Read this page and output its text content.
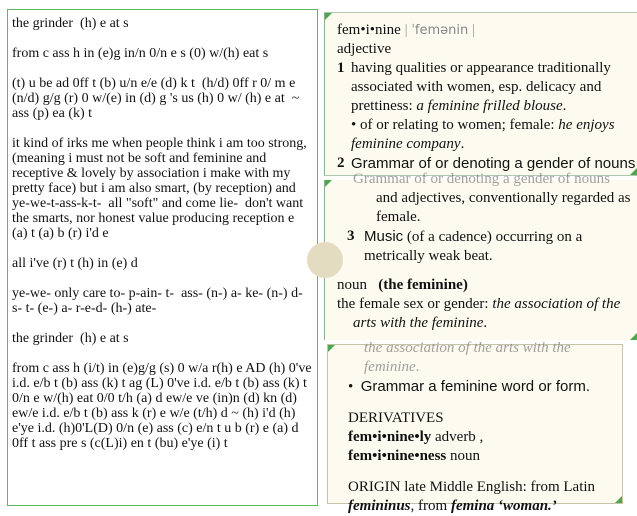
the grinder  (h) e at s

from c ass h in (e)g in/n 0/n e s (0) w/(h) eat s

(t) u be ad 0ff t (b) u/n e/e (d) k t  (h/d) 0ff r 0/ m e (n/d) g/g (r) 0 w/(e) in (d) g 's us (h) 0 w/ (h) e at  ~ ass (p) ea (k) t

it kind of irks me when people think i am too strong, (meaning i must not be soft and feminine and receptive & lovely by association i make with my pretty face) but i am also smart, (by reception) and ye-we-t-ass-k-t-  all "soft" and come lie-  don't want the smarts, nor honest value producing reception e (a) t (a) b (r) i'd e

all i've (r) t (h) in (e) d

ye-we- only care to- p-ain- t-  ass- (n-) a- ke- (n-) d- s- t- (e-) a- r-e-d- (h-) ate-

the grinder  (h) e at s

from c ass h (i/t) in (e)g/g (s) 0 w/a r(h) e AD (h) 0've i.d. e/b t (b) ass (k) t ag (L) 0've i.d. e/b t (b) ass (k) t 0/n e w/(h) eat 0/0 t/h (a) d ew/e ve (in)n (d) kn (d) ew/e i.d. e/b t (b) ass k (r) e w/e (t/h) d ~ (h) i'd (h) e'ye i.d. (h)0'L(D) 0/n (e) ass (c) e/n t u b (r) e (a) d 0ff t ass pre s (c(L)i) en t (bu) e'ye (i) t

fem•i•nine | ˈfemənin |
adjective
1 having qualities or appearance traditionally associated with women, esp. delicacy and prettiness: a feminine frilled blouse.
• of or relating to women; female: he enjoys feminine company.
2 Grammar of or denoting a gender of nouns
Grammar of or denoting a gender of nouns
and adjectives, conventionally regarded as female.
3 Music (of a cadence) occurring on a metrically weak beat.
noun (the feminine)
the female sex or gender: the association of the arts with the feminine.
the association of the arts with the feminine.
•  Grammar a feminine word or form.
DERIVATIVES
fem•i•nine•ly adverb ,
fem•i•nine•ness noun
ORIGIN late Middle English: from Latin femininus, from femina ‘woman.’
